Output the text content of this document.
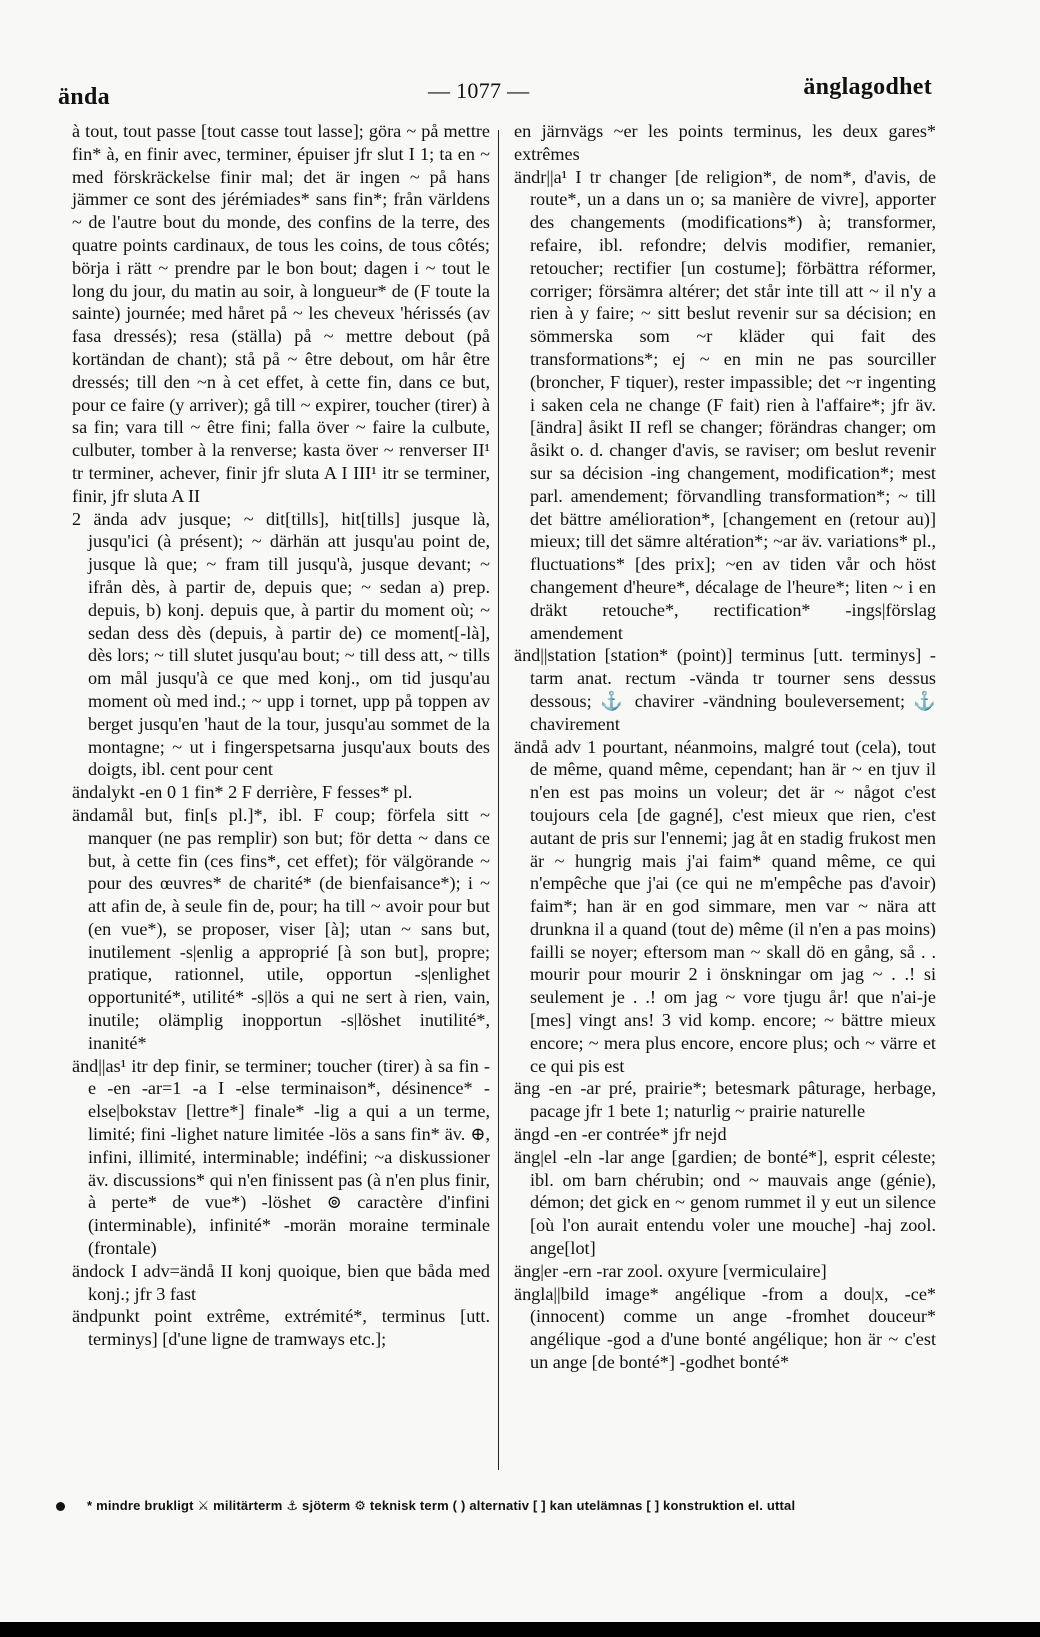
ända	— 1077 —	änglagodhet

à tout, tout passe [tout casse tout lasse]; göra ~ på mettre fin* à, en finir avec, terminer, épuiser jfr slut I 1; ta en ~ med förskräckelse finir mal; det är ingen ~ på hans jämmer ce sont des jérémiades* sans fin*; från världens ~ de l'autre bout du monde, des confins de la terre, des quatre points cardinaux, de tous les coins, de tous côtés; börja i rätt ~ prendre par le bon bout; dagen i ~ tout le long du jour, du matin au soir, à longueur* de (F toute la sainte) journée; med håret på ~ les cheveux 'hérissés (av fasa dressés); resa (ställa) på ~ mettre debout (på kortändan de chant); stå på ~ être debout, om hår être dressés; till den ~n à cet effet, à cette fin, dans ce but, pour ce faire (y arriver); gå till ~ expirer, toucher (tirer) à sa fin; vara till ~ être fini; falla över ~ faire la culbute, culbuter, tomber à la renverse; kasta över ~ renverser II¹ tr terminer, achever, finir jfr sluta A I III¹ itr se terminer, finir, jfr sluta A II

2 ända adv jusque; ~ dit[tills], hit[tills] jusque là, jusqu'ici (à présent); ~ därhän att jusqu'au point de, jusque là que; ~ fram till jusqu'à, jusque devant; ~ ifrån dès, à partir de, depuis que; ~ sedan a) prep. depuis, b) konj. depuis que, à partir du moment où; ~ sedan dess dès (depuis, à partir de) ce moment[-là], dès lors; ~ till slutet jusqu'au bout; ~ till dess att, ~ tills om mål jusqu'à ce que med konj., om tid jusqu'au moment où med ind.; ~ upp i tornet, upp på toppen av berget jusqu'en 'haut de la tour, jusqu'au sommet de la montagne; ~ ut i fingerspetsarna jusqu'aux bouts des doigts, ibl. cent pour cent

ändalykt -en 0 1 fin* 2 F derrière, F fesses* pl.

ändamål but, fin[s pl.]*, ibl. F coup; förfela sitt ~ manquer (ne pas remplir) son but; för detta ~ dans ce but, à cette fin (ces fins*, cet effet); för välgörande ~ pour des œuvres* de charité* (de bienfaisance*); i ~ att afin de, à seule fin de, pour; ha till ~ avoir pour but (en vue*), se proposer, viser [à]; utan ~ sans but, inutilement -s|enlig a approprié [à son but], propre; pratique, rationnel, utile, opportun -s|enlighet opportunité*, utilité* -s|lös a qui ne sert à rien, vain, inutile; olämplig inopportun -s|löshet inutilité*, inanité*

änd||as¹ itr dep finir, se terminer; toucher (tirer) à sa fin -e -en -ar=1 -a I -else terminaison*, désinence* -else|bokstav [lettre*] finale* -lig a qui a un terme, limité; fini -lighet nature limitée -lös a sans fin* äv. ⊕, infini, illimité, interminable; indéfini; ~a diskussioner äv. discussions* qui n'en finissent pas (à n'en plus finir, à perte* de vue*) -löshet ⊚ caractère d'infini (interminable), infinité* -morän moraine terminale (frontale)

ändock I adv=ändå II konj quoique, bien que båda med konj.; jfr 3 fast

ändpunkt point extrême, extrémité*, terminus [utt. terminys] [d'une ligne de tramways etc.];

en järnvägs ~er les points terminus, les deux gares* extrêmes

ändr||a¹ I tr changer [de religion*, de nom*, d'avis, de route*, un a dans un o; sa manière de vivre], apporter des changements (modifications*) à; transformer, refaire, ibl. refondre; delvis modifier, remanier, retoucher; rectifier [un costume]; förbättra réformer, corriger; försämra altérer; det står inte till att ~ il n'y a rien à y faire; ~ sitt beslut revenir sur sa décision; en sömmerska som ~r kläder qui fait des transformations*; ej ~ en min ne pas sourciller (broncher, F tiquer), rester impassible; det ~r ingenting i saken cela ne change (F fait) rien à l'affaire*; jfr äv. [ändra] åsikt II refl se changer; förändras changer; om åsikt o. d. changer d'avis, se raviser; om beslut revenir sur sa décision -ing changement, modification*; mest parl. amendement; förvandling transformation*; ~ till det bättre amélioration*, [changement en (retour au)] mieux; till det sämre altération*; ~ar äv. variations* pl., fluctuations* [des prix]; ~en av tiden vår och höst changement d'heure*, décalage de l'heure*; liten ~ i en dräkt retouche*, rectification* -ings|förslag amendement

änd||station [station* (point)] terminus [utt. terminys] -tarm anat. rectum -vända tr tourner sens dessus dessous; ⚓ chavirer -vändning bouleversement; ⚓ chavirement

ändå adv 1 pourtant, néanmoins, malgré tout (cela), tout de même, quand même, cependant; han är ~ en tjuv il n'en est pas moins un voleur; det är ~ något c'est toujours cela [de gagné], c'est mieux que rien, c'est autant de pris sur l'ennemi; jag åt en stadig frukost men är ~ hungrig mais j'ai faim* quand même, ce qui n'empêche que j'ai (ce qui ne m'empêche pas d'avoir) faim*; han är en god simmare, men var ~ nära att drunkna il a quand (tout de) même (il n'en a pas moins) failli se noyer; eftersom man ~ skall dö en gång, så . . mourir pour mourir 2 i önskningar om jag ~ . .! si seulement je . .! om jag ~ vore tjugu år! que n'ai-je [mes] vingt ans! 3 vid komp. encore; ~ bättre mieux encore; ~ mera plus encore, encore plus; och ~ värre et ce qui pis est

äng -en -ar pré, prairie*; betesmark pâturage, herbage, pacage jfr 1 bete 1; naturlig ~ prairie naturelle

ängd -en -er contrée* jfr nejd

äng|el -eln -lar ange [gardien; de bonté*], esprit céleste; ibl. om barn chérubin; ond ~ mauvais ange (génie), démon; det gick en ~ genom rummet il y eut un silence [où l'on aurait entendu voler une mouche] -haj zool. ange[lot]

äng|er -ern -rar zool. oxyure [vermiculaire]

ängla||bild image* angélique -from a dou|x, -ce* (innocent) comme un ange -fromhet douceur* angélique -god a d'une bonté angélique; hon är ~ c'est un ange [de bonté*] -godhet bonté*

* mindre brukligt ⚔ militärterm ⚓ sjöterm ⚙ teknisk term ( ) alternativ [ ] kan utelämnas [ ] konstruktion el. uttal
